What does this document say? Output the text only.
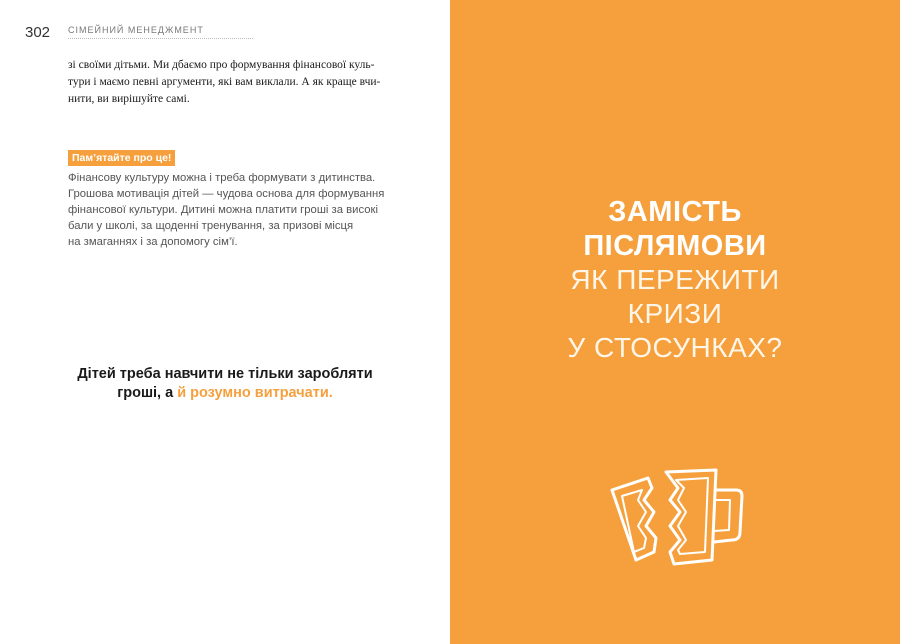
302 СІМЕЙНИЙ МЕНЕДЖМЕНТ
зі своїми дітьми. Ми дбаємо про формування фінансової куль-
тури і маємо певні аргументи, які вам виклали. А як краще вчи-
нити, ви вирішуйте самі.
Пам’ятайте про це!
Фінансову культуру можна і треба формувати з дитинства.
Грошова мотивація дітей — чудова основа для формування
фінансової культури. Дитині можна платити гроші за високі
бали у школі, за щоденні тренування, за призові місця
на змаганнях і за допомогу сім’ї.
Дітей треба навчити не тільки заробляти
гроші, а й розумно витрачати.
ЗАМІСТЬ
ПІСЛЯМОВИ
ЯК ПЕРЕЖИТИ
КРИЗИ
У СТОСУНКАХ?
